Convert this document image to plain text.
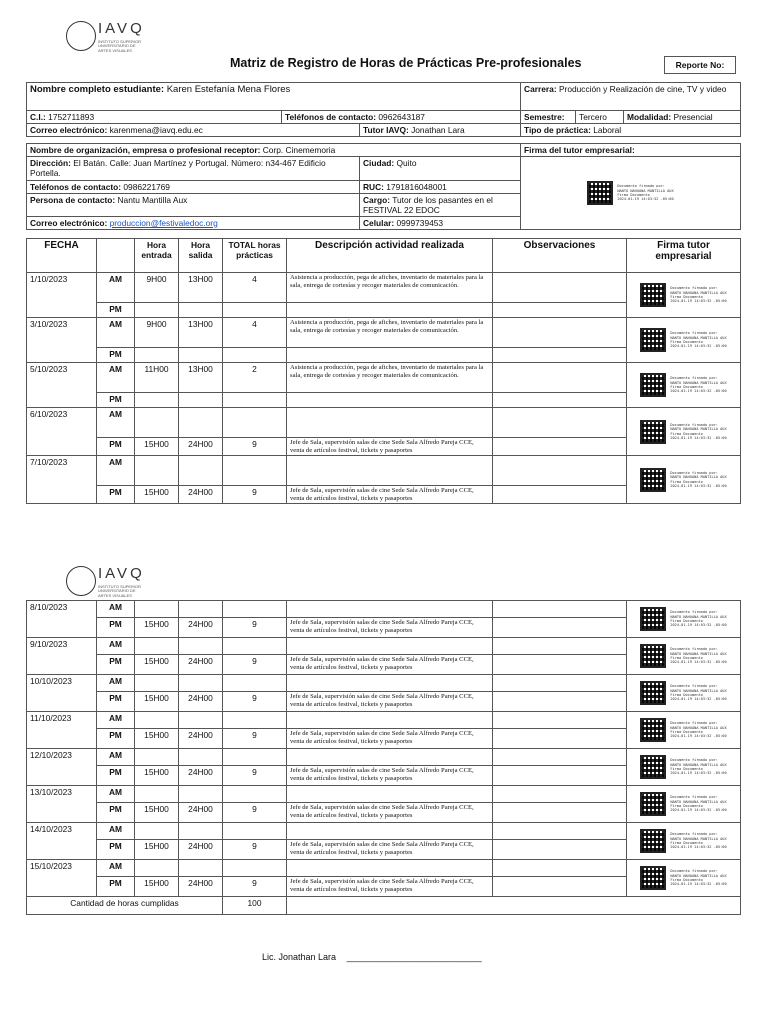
IAVQ
INSTITUTO SUPERIOR
UNIVERSITARIO DE
ARTES VISUALES
Matriz de Registro de Horas de Prácticas Pre-profesionales	Reporte No:
Nombre completo estudiante: Karen Estefanía Mena Flores			Carrera: Producción y Realización de cine, TV y video		
C.I.: 1752711893	Teléfonos de contacto: 0962643187		Semestre:	Tercero	Modalidad: Presencial
Correo electrónico: karenmena@iavq.edu.ec		Tutor IAVQ: Jonathan Lara	Tipo de práctica: Laboral		
Nombre de organización, empresa o profesional receptor: Corp. Cinememoria		Firma del tutor empresarial:
Dirección: El Batán. Calle: Juan Martínez y Portugal. Número: n34-467 Edificio Portella.	Ciudad: Quito	Documento firmado por:
NANTU NAHUANA MANTILLA AUX
Firma Documento
2024-01-19 14:03:32 -05:00

Teléfonos de contacto: 0986221769	RUC: 1791816048001	
Persona de contacto: Nantu Mantilla Aux	Cargo: Tutor de los pasantes en el FESTIVAL 22 EDOC	
Correo electrónico: produccion@festivaledoc.org	Celular: 0999739453	
FECHA		Hora entrada	Hora salida	TOTAL horas prácticas	Descripción actividad realizada	Observaciones	Firma tutor empresarial
1/10/2023	AM	9H00	13H00	4	Asistencia a producción, pega de afiches, inventario de materiales para la sala, entrega de cortesías y recoger materiales de comunicación.		Documento firmado por:
NANTU NAHUANA MANTILLA AUX
Firma Documento
2024-01-19 14:03:32 -05:00

	PM						
3/10/2023	AM	9H00	13H00	4	Asistencia a producción, pega de afiches, inventario de materiales para la sala, entrega de cortesías y recoger materiales de comunicación.		Documento firmado por:
NANTU NAHUANA MANTILLA AUX
Firma Documento
2024-01-19 14:03:32 -05:00

	PM						
5/10/2023	AM	11H00	13H00	2	Asistencia a producción, pega de afiches, inventario de materiales para la sala, entrega de cortesías y recoger materiales de comunicación.		Documento firmado por:
NANTU NAHUANA MANTILLA AUX
Firma Documento
2024-01-19 14:03:32 -05:00

	PM						
6/10/2023	AM						Documento firmado por:
NANTU NAHUANA MANTILLA AUX
Firma Documento
2024-01-19 14:03:32 -05:00

	PM	15H00	24H00	9	Jefe de Sala, supervisión salas de cine Sede Sala Alfredo Pareja CCE, venta de artículos festival, tickets y pasaportes		
7/10/2023	AM						Documento firmado por:
NANTU NAHUANA MANTILLA AUX
Firma Documento
2024-01-19 14:03:32 -05:00

	PM	15H00	24H00	9	Jefe de Sala, supervisión salas de cine Sede Sala Alfredo Pareja CCE, venta de artículos festival, tickets y pasaportes		
IAVQ
INSTITUTO SUPERIOR
UNIVERSITARIO DE
ARTES VISUALES
8/10/2023	AM						Documento firmado por:
NANTU NAHUANA MANTILLA AUX
Firma Documento
2024-01-19 14:03:32 -05:00

	PM	15H00	24H00	9	Jefe de Sala, supervisión salas de cine Sede Sala Alfredo Pareja CCE, venta de artículos festival, tickets y pasaportes		
9/10/2023	AM						Documento firmado por:
NANTU NAHUANA MANTILLA AUX
Firma Documento
2024-01-19 14:03:32 -05:00

	PM	15H00	24H00	9	Jefe de Sala, supervisión salas de cine Sede Sala Alfredo Pareja CCE, venta de artículos festival, tickets y pasaportes		
10/10/2023	AM						Documento firmado por:
NANTU NAHUANA MANTILLA AUX
Firma Documento
2024-01-19 14:03:32 -05:00

	PM	15H00	24H00	9	Jefe de Sala, supervisión salas de cine Sede Sala Alfredo Pareja CCE, venta de artículos festival, tickets y pasaportes		
11/10/2023	AM						Documento firmado por:
NANTU NAHUANA MANTILLA AUX
Firma Documento
2024-01-19 14:03:32 -05:00

	PM	15H00	24H00	9	Jefe de Sala, supervisión salas de cine Sede Sala Alfredo Pareja CCE, venta de artículos festival, tickets y pasaportes		
12/10/2023	AM						Documento firmado por:
NANTU NAHUANA MANTILLA AUX
Firma Documento
2024-01-19 14:03:32 -05:00

	PM	15H00	24H00	9	Jefe de Sala, supervisión salas de cine Sede Sala Alfredo Pareja CCE, venta de artículos festival, tickets y pasaportes		
13/10/2023	AM						Documento firmado por:
NANTU NAHUANA MANTILLA AUX
Firma Documento
2024-01-19 14:03:32 -05:00

	PM	15H00	24H00	9	Jefe de Sala, supervisión salas de cine Sede Sala Alfredo Pareja CCE, venta de artículos festival, tickets y pasaportes		
14/10/2023	AM						Documento firmado por:
NANTU NAHUANA MANTILLA AUX
Firma Documento
2024-01-19 14:03:32 -05:00

	PM	15H00	24H00	9	Jefe de Sala, supervisión salas de cine Sede Sala Alfredo Pareja CCE, venta de artículos festival, tickets y pasaportes		
15/10/2023	AM						Documento firmado por:
NANTU NAHUANA MANTILLA AUX
Firma Documento
2024-01-19 14:03:32 -05:00

	PM	15H00	24H00	9	Jefe de Sala, supervisión salas de cine Sede Sala Alfredo Pareja CCE, venta de artículos festival, tickets y pasaportes		
Cantidad de horas cumplidas				100			
Lic. Jonathan Lara ___________________________
